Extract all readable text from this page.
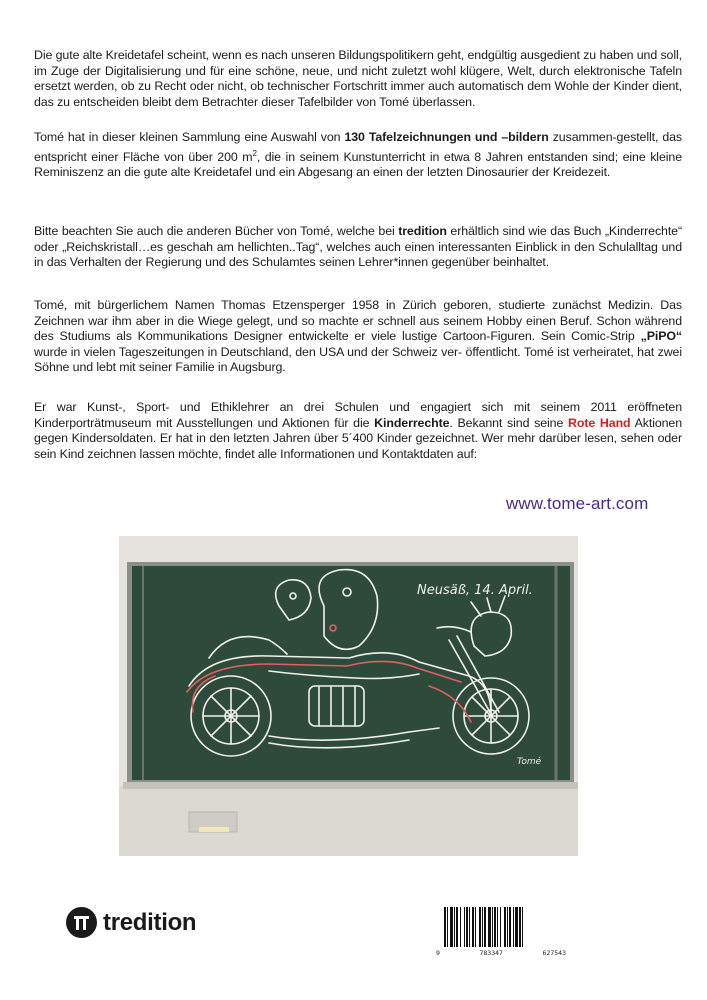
Die gute alte Kreidetafel scheint, wenn es nach unseren Bildungspolitikern geht, endgültig ausgedient zu haben und soll, im Zuge der Digitalisierung und für eine schöne, neue, und nicht zuletzt wohl klügere, Welt, durch elektronische Tafeln ersetzt werden, ob zu Recht oder nicht, ob technischer Fortschritt immer auch automatisch dem Wohle der Kinder dient, das zu entscheiden bleibt dem Betrachter dieser Tafelbilder von Tomé überlassen.

Tomé hat in dieser kleinen Sammlung eine Auswahl von 130 Tafelzeichnungen und –bildern zusammen-gestellt, das entspricht einer Fläche von über 200 $m^2$, die in seinem Kunstunterricht in etwa 8 Jahren entstanden sind; eine kleine Reminiszenz an die gute alte Kreidetafel und ein Abgesang an einen der letzten Dinosaurier der Kreidezeit.

Bitte beachten Sie auch die anderen Bücher von Tomé, welche bei tredition erhältlich sind wie das Buch „Kinderrechte“ oder „Reichskristall…es geschah am hellichten..Tag“, welches auch einen interessanten Einblick in den Schulalltag und in das Verhalten der Regierung und des Schulamtes seinen Lehrer*innen gegenüber beinhaltet.

Tomé, mit bürgerlichem Namen Thomas Etzensperger 1958 in Zürich geboren, studierte zunächst Medizin. Das Zeichnen war ihm aber in die Wiege gelegt, und so machte er schnell aus seinem Hobby einen Beruf. Schon während des Studiums als Kommunikations Designer entwickelte er viele lustige Cartoon-Figuren. Sein Comic-Strip „PiPO“ wurde in vielen Tageszeitungen in Deutschland, den USA und der Schweiz ver- öffentlicht. Tomé ist verheiratet, hat zwei Söhne und lebt mit seiner Familie in Augsburg.

Er war Kunst-, Sport- und Ethiklehrer an drei Schulen und engagiert sich mit seinem 2011 eröffneten Kinderporträtmuseum mit Ausstellungen und Aktionen für die Kinderrechte. Bekannt sind seine Rote Hand Aktionen gegen Kindersoldaten. Er hat in den letzten Jahren über 5´400 Kinder gezeichnet. Wer mehr darüber lesen, sehen oder sein Kind zeichnen lassen möchte, findet alle Informationen und Kontaktdaten auf:

www.tome-art.com
Neusäß, 14. April.
Tomé
tredition
9	783347	627543
